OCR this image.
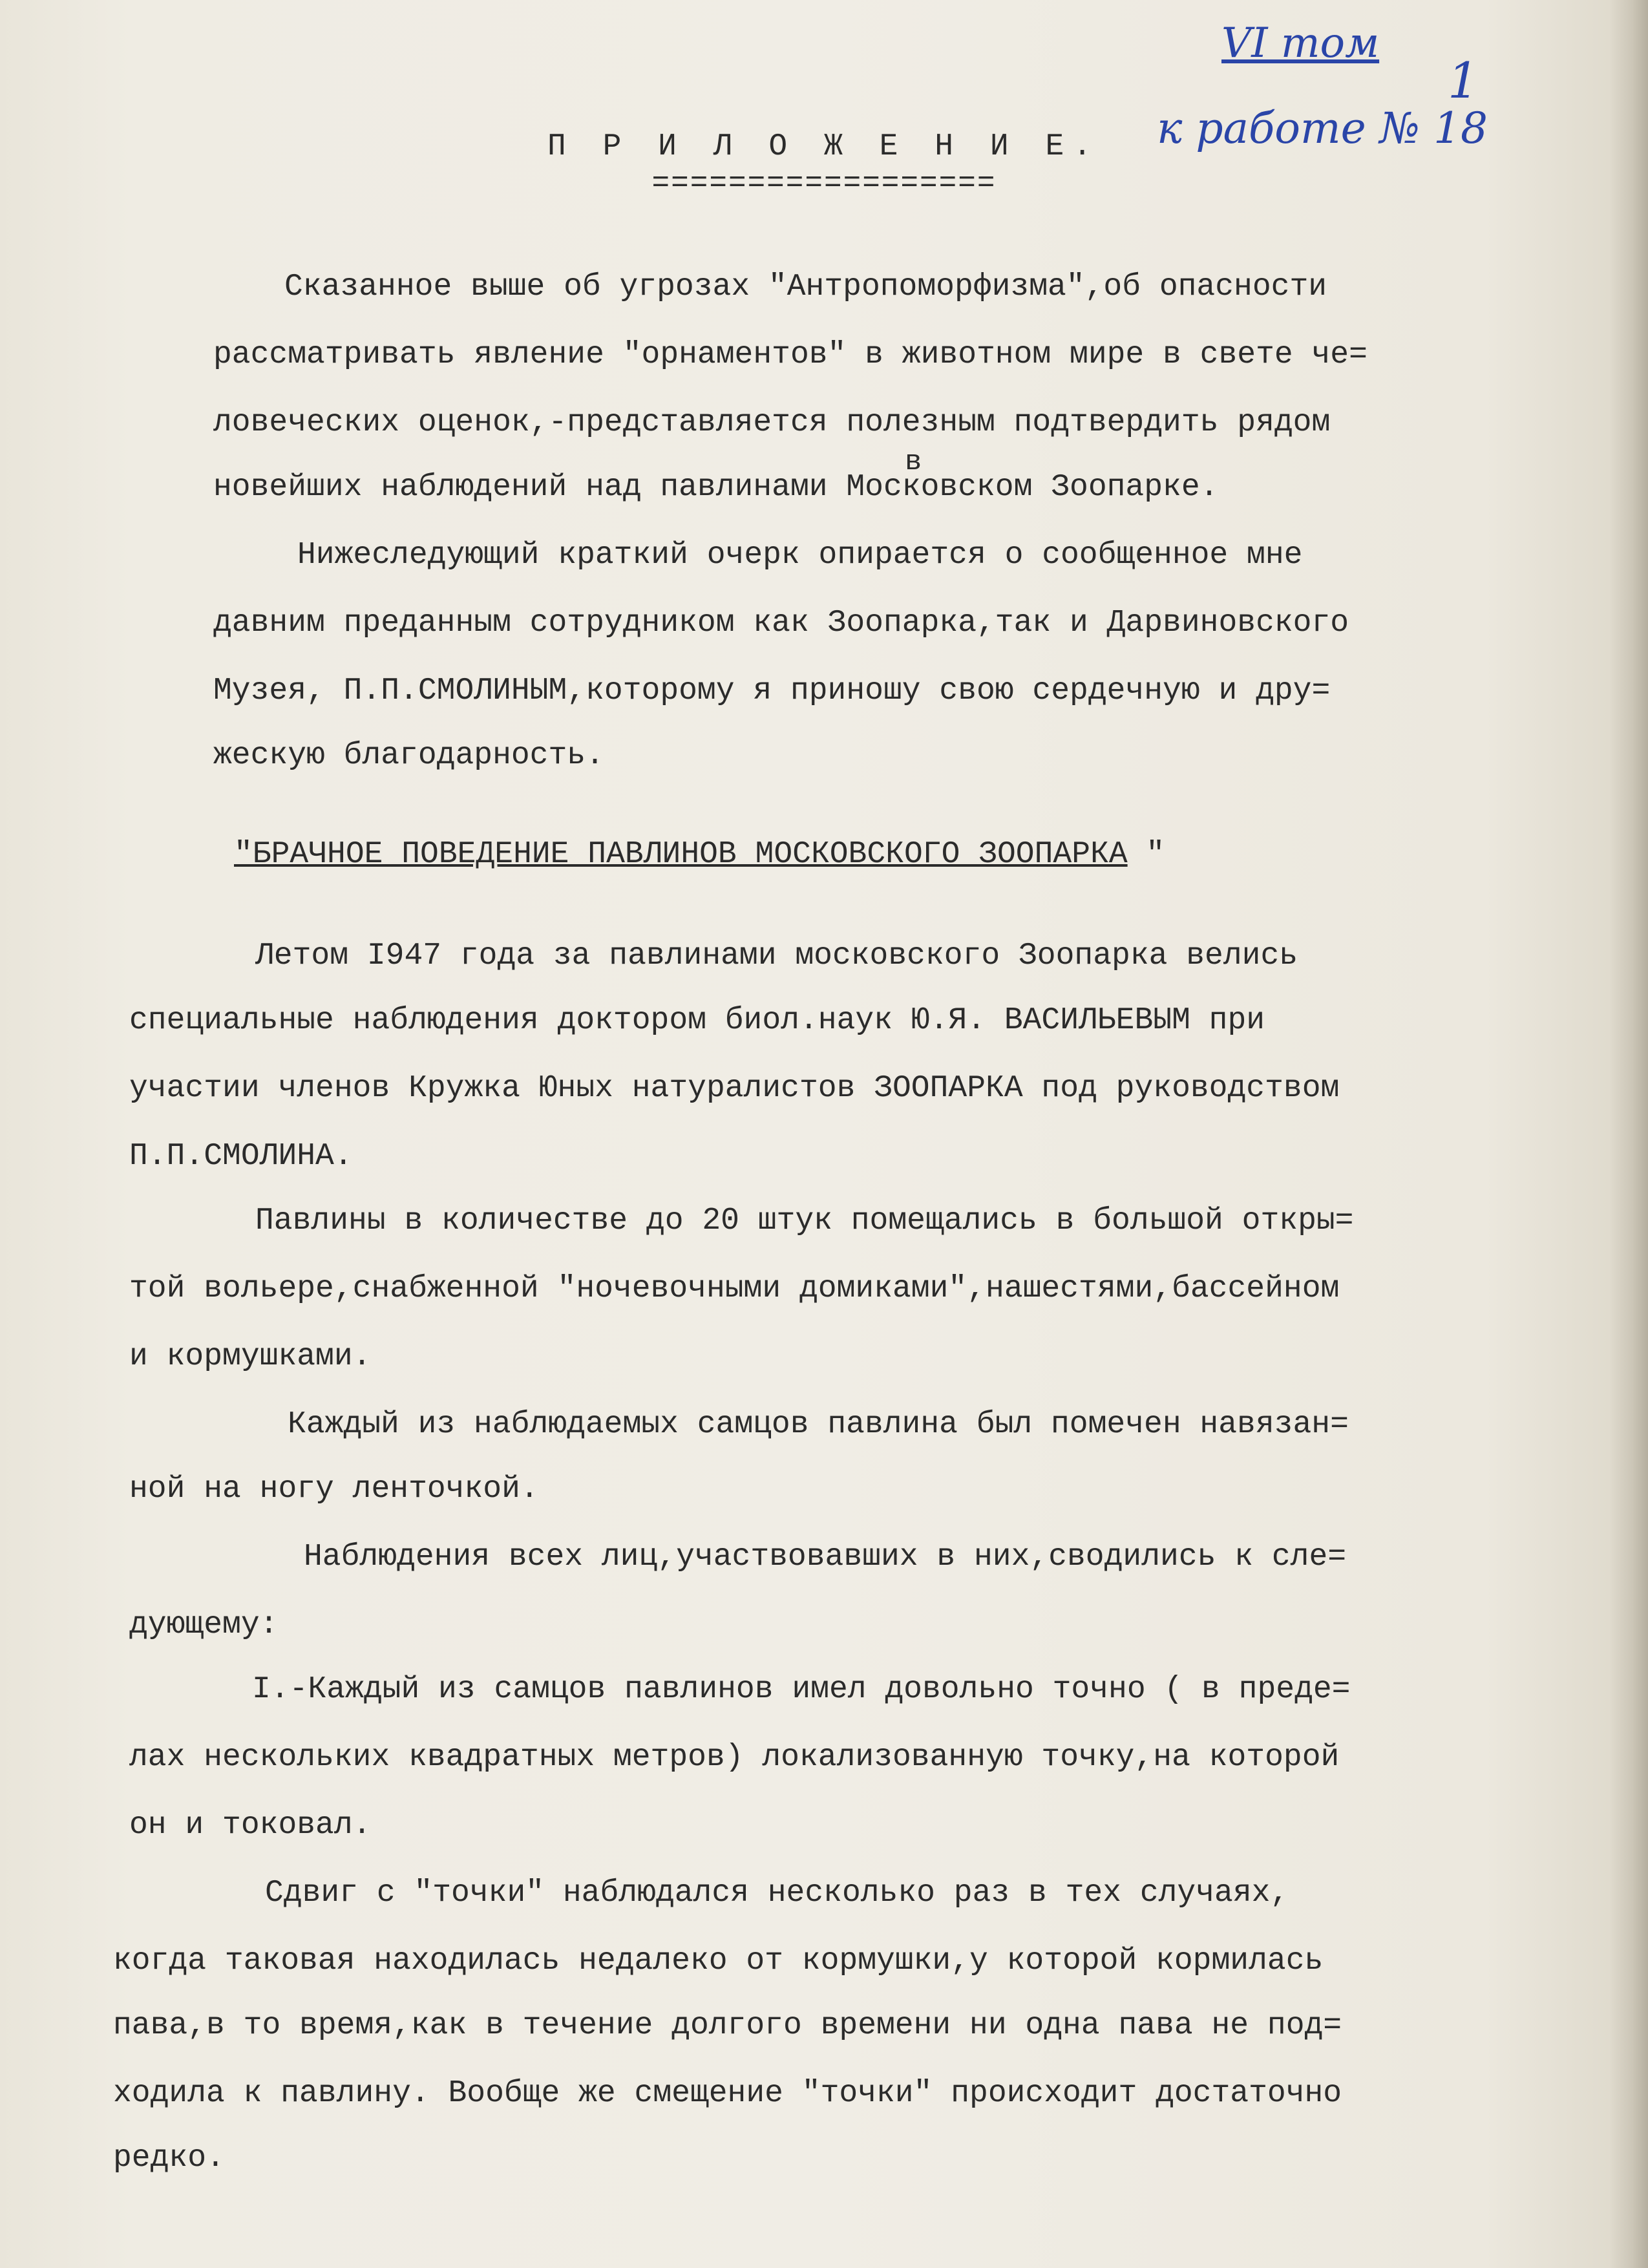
VI том
1
к работе № 18
П Р И Л О Ж Е Н И Е.
==================
Сказанное выше об угрозах "Антропоморфизма",об опасности
рассматривать явление "орнаментов" в животном мире в свете че=
ловеческих оценок,-представляется полезным подтвердить рядом
в
новейших наблюдений над павлинами Московском Зоопарке.
Нижеследующий краткий очерк опирается о сообщенное мне
давним преданным сотрудником как Зоопарка,так и Дарвиновского
Музея, П.П.СМОЛИНЫМ,которому я приношу свою сердечную и дру=
жескую благодарность.
"БРАЧНОЕ ПОВЕДЕНИЕ ПАВЛИНОВ МОСКОВСКОГО ЗООПАРКА "
Летом I947 года за павлинами московского Зоопарка велись
специальные наблюдения доктором биол.наук Ю.Я. ВАСИЛЬЕВЫМ при
участии членов Кружка Юных натуралистов ЗООПАРКА под руководством
П.П.СМОЛИНА.
Павлины в количестве до 20 штук помещались в большой откры=
той вольере,снабженной "ночевочными домиками",нашестями,бассейном
и кормушками.
Каждый из наблюдаемых самцов павлина был помечен навязан=
ной на ногу ленточкой.
Наблюдения всех лиц,участвовавших в них,сводились к сле=
дующему:
I.-Каждый из самцов павлинов имел довольно точно ( в преде=
лах нескольких квадратных метров) локализованную точку,на которой
он и токовал.
Сдвиг с "точки" наблюдался несколько раз в тех случаях,
когда таковая находилась недалеко от кормушки,у которой кормилась
пава,в то время,как в течение долгого времени ни одна пава не под=
ходила к павлину. Вообще же смещение "точки" происходит достаточно
редко.
